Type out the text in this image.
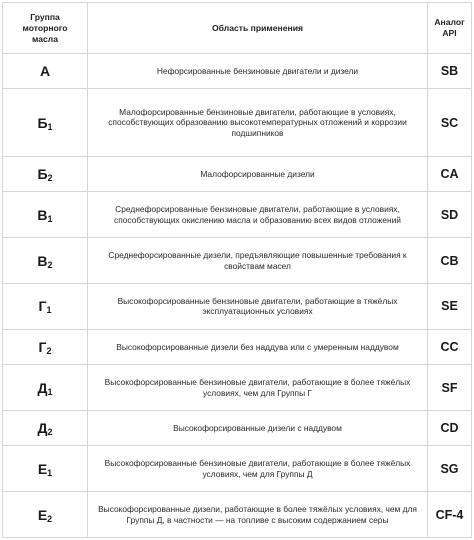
Группа моторного масла	Область применения	Аналог API
А	Нефорсированные бензиновые двигатели и дизели	SB
$Б_1$	Малофорсированные бензиновые двигатели, работающие в условиях, способствующих образованию высокотемпературных отложений и коррозии подшипников	SC
$Б_2$	Малофорсированные дизели	CA
$В_1$	Среднефорсированные бензиновые двигатели, работающие в условиях, способствующих окислению масла и образованию всех видов отложений	SD
$В_2$	Среднефорсированные дизели, предъявляющие повышенные требования к свойствам масел	CB
$Г_1$	Высокофорсированные бензиновые двигатели, работающие в тяжёлых эксплуатационных условиях	SE
$Г_2$	Высокофорсированные дизели без наддува или с умеренным наддувом	CC
$Д_1$	Высокофорсированные бензиновые двигатели, работающие в более тяжёлых условиях, чем для Группы Г	SF
$Д_2$	Высокофорсированные дизели с наддувом	CD
$Е_1$	Высокофорсированные бензиновые двигатели, работающие в более тяжёлых условиях, чем для Группы Д	SG
$Е_2$	Высокофорсированные дизели, работающие в более тяжёлых условиях, чем для Группы Д, в частности — на топливе с высоким содержанием серы	CF-4
